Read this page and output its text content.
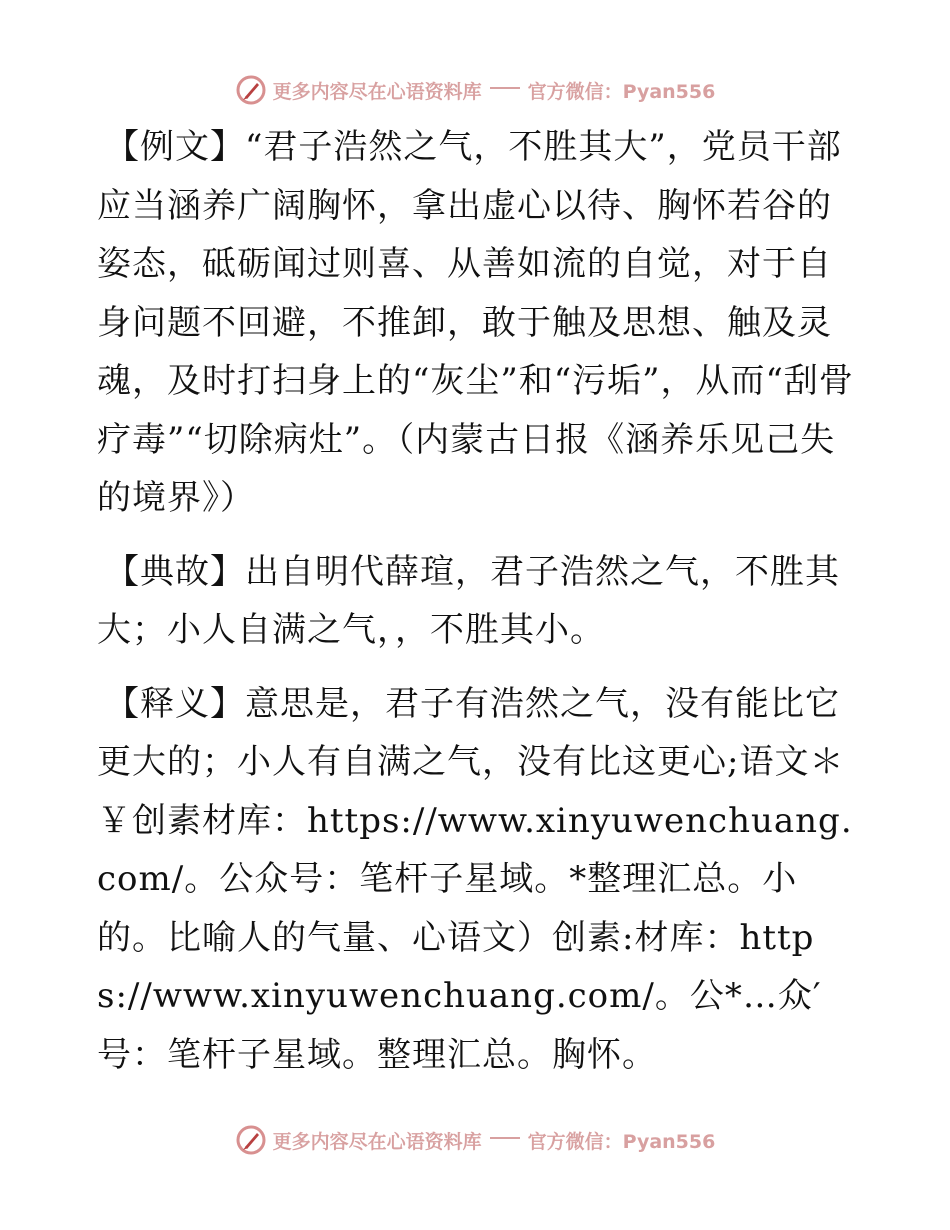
更多内容尽在心语资料库 官方微信：Pyan556

【例文】“君子浩然之气，不胜其大”，党员干部应当涵养广阔胸怀，拿出虚心以待、胸怀若谷的姿态，砥砺闻过则喜、从善如流的自觉，对于自身问题不回避，不推卸，敢于触及思想、触及灵魂，及时打扫身上的“灰尘”和“污垢”，从而“刮骨疗毒”“切除病灶”。（内蒙古日报《涵养乐见己失的境界》）

【典故】出自明代薛瑄，君子浩然之气，不胜其大；小人自满之气，，不胜其小。

【释义】意思是，君子有浩然之气，没有能比它更大的；小人有自满之气，没有比这更心;语文＊￥创素材库：https://www.xinyuwenchuang.com/。公众号：笔杆子星域。*整理汇总。小的。比喻人的气量、心语文）创素:材库：https://www.xinyuwenchuang.com/。公*…众′号：笔杆子星域。整理汇总。胸怀。

更多内容尽在心语资料库 官方微信：Pyan556
